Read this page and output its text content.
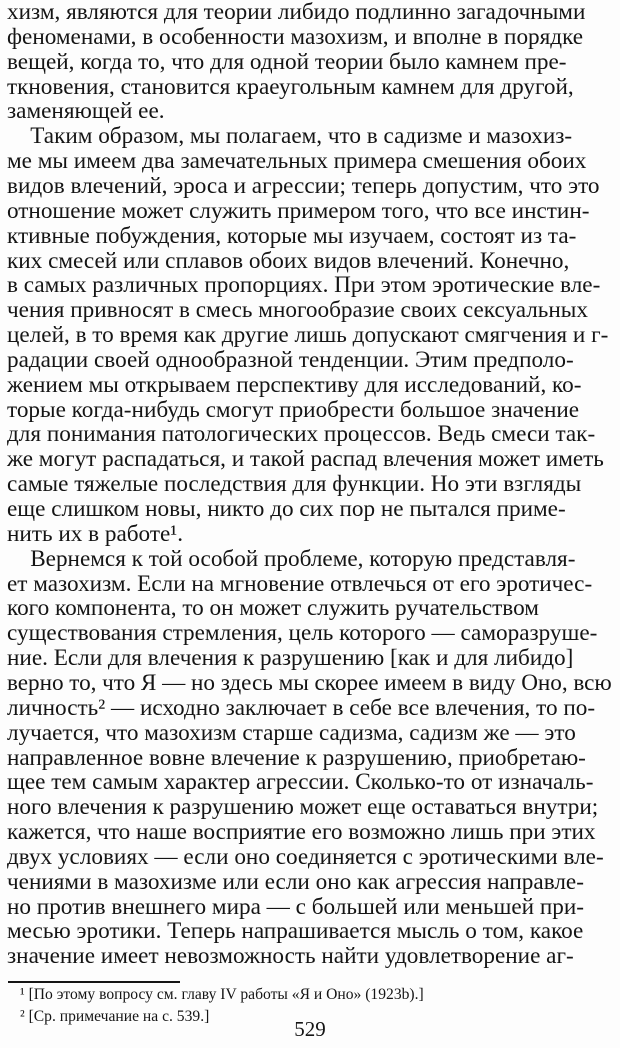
хизм, являются для теории либидо подлинно загадочными
феноменами, в особенности мазохизм, и вполне в порядке
вещей, когда то, что для одной теории было камнем пре-
ткновения, становится краеугольным камнем для другой,
заменяющей ее.
Таким образом, мы полагаем, что в садизме и мазохиз-
ме мы имеем два замечательных примера смешения обоих
видов влечений, эроса и агрессии; теперь допустим, что это
отношение может служить примером того, что все инстин-
ктивные побуждения, которые мы изучаем, состоят из та-
ких смесей или сплавов обоих видов влечений. Конечно,
в самых различных пропорциях. При этом эротические вле-
чения привносят в смесь многообразие своих сексуальных
целей, в то время как другие лишь допускают смягчения и г-
радации своей однообразной тенденции. Этим предполо-
жением мы открываем перспективу для исследований, ко-
торые когда-нибудь смогут приобрести большое значение
для понимания патологических процессов. Ведь смеси так-
же могут распадаться, и такой распад влечения может иметь
самые тяжелые последствия для функции. Но эти взгляды
еще слишком новы, никто до сих пор не пытался приме-
нить их в работе¹.
Вернемся к той особой проблеме, которую представля-
ет мазохизм. Если на мгновение отвлечься от его эротичес-
кого компонента, то он может служить ручательством
существования стремления, цель которого — саморазруше-
ние. Если для влечения к разрушению [как и для либидо]
верно то, что Я — но здесь мы скорее имеем в виду Оно, всю
личность² — исходно заключает в себе все влечения, то по-
лучается, что мазохизм старше садизма, садизм же — это
направленное вовне влечение к разрушению, приобретаю-
щее тем самым характер агрессии. Сколько-то от изначаль-
ного влечения к разрушению может еще оставаться внутри;
кажется, что наше восприятие его возможно лишь при этих
двух условиях — если оно соединяется с эротическими вле-
чениями в мазохизме или если оно как агрессия направле-
но против внешнего мира — с большей или меньшей при-
месью эротики. Теперь напрашивается мысль о том, какое
значение имеет невозможность найти удовлетворение аг-
¹ [По этому вопросу см. главу IV работы «Я и Оно» (1923b).]
² [Ср. примечание на с. 539.]
529
